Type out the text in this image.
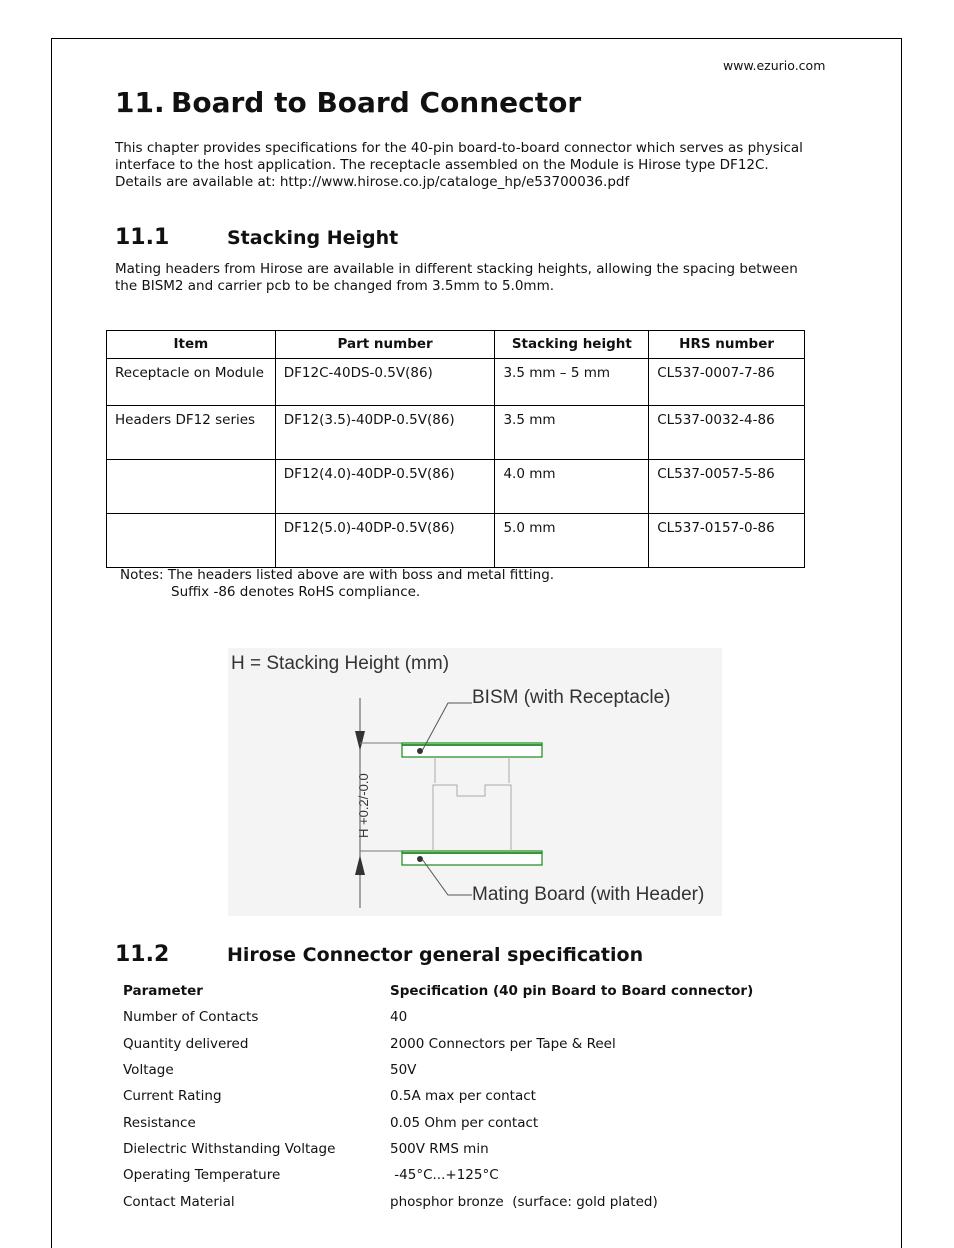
www.ezurio.com
11. Board to Board Connector

This chapter provides specifications for the 40-pin board-to-board connector which serves as physical
interface to the host application. The receptacle assembled on the Module is Hirose type DF12C.
Details are available at: http://www.hirose.co.jp/cataloge_hp/e53700036.pdf

11.1	Stacking Height

Mating headers from Hirose are available in different stacking heights, allowing the spacing between
the BISM2 and carrier pcb to be changed from 3.5mm to 5.0mm.

Item	Part number	Stacking height	HRS number
Receptacle on Module	DF12C-40DS-0.5V(86)	3.5 mm – 5 mm	CL537-0007-7-86
Headers DF12 series	DF12(3.5)-40DP-0.5V(86)	3.5 mm	CL537-0032-4-86
	DF12(4.0)-40DP-0.5V(86)	4.0 mm	CL537-0057-5-86
	DF12(5.0)-40DP-0.5V(86)	5.0 mm	CL537-0157-0-86
Notes: The headers listed above are with boss and metal fitting.
Suffix -86 denotes RoHS compliance.
H = Stacking Height (mm)
BISM (with Receptacle)
Mating Board (with Header)
H +0.2/-0.0
11.2	Hirose Connector general specification
Parameter	Specification (40 pin Board to Board connector)
Number of Contacts	40
Quantity delivered	2000 Connectors per Tape & Reel
Voltage	50V
Current Rating	0.5A max per contact
Resistance	0.05 Ohm per contact
Dielectric Withstanding Voltage	500V RMS min
Operating Temperature	-45°C...+125°C
Contact Material	phosphor bronze  (surface: gold plated)
